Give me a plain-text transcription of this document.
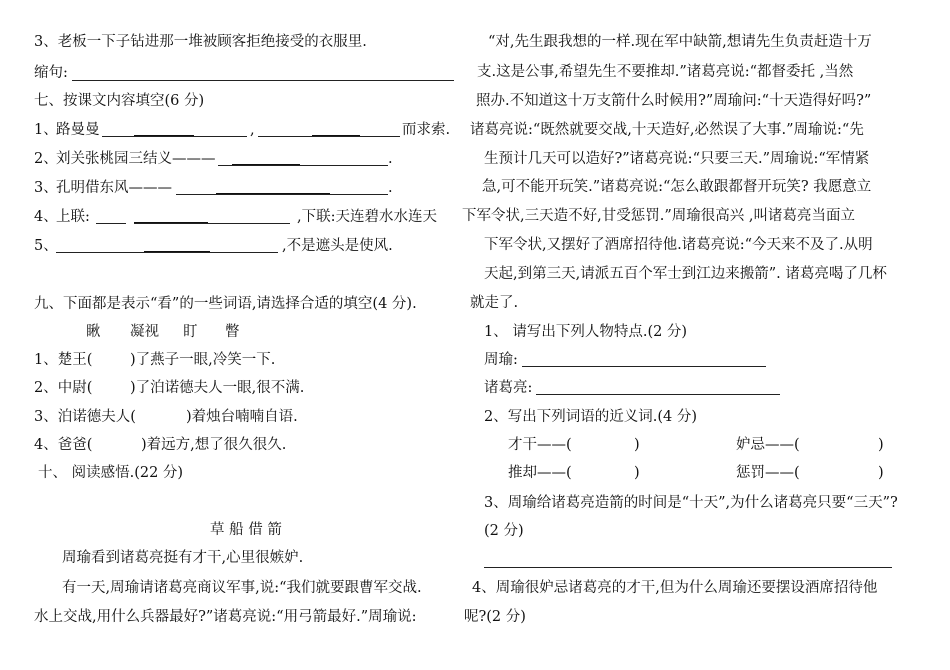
3、老板一下子钻进那一堆被顾客拒绝接受的衣服里.
缩句:
七、按课文内容填空(6 分)
1、
路曼曼	,	而求索.
2、
刘关张桃园三结义———	.
3、
孔明借东风———	.
4、
上联:	,下联:天连碧水水连天
5、	,不是遮头是使风.
九、下面都是表示“看”的一些词语,请选择合适的填空(4 分).
瞅 凝视 盯 瞥
1、楚王(	)了燕子一眼,冷笑一下.
2、中尉(	)了泊诺德夫人一眼,很不满.
3、泊诺德夫人(	)着烛台喃喃自语.
4、爸爸(	)着远方,想了很久很久.
十、 阅读感悟.(22 分)
草 船 借 箭
周瑜看到诸葛亮挺有才干,心里很嫉妒.
有一天,周瑜请诸葛亮商议军事,说:“我们就要跟曹军交战.
水上交战,用什么兵器最好?”诸葛亮说:“用弓箭最好.”周瑜说:
“对,先生跟我想的一样.现在军中缺箭,想请先生负责赶造十万
支.这是公事,希望先生不要推却.”诸葛亮说:“都督委托 ,当然
照办.不知道这十万支箭什么时候用?”周瑜问:“十天造得好吗?”
诸葛亮说:“既然就要交战,十天造好,必然误了大事.”周瑜说:“先
生预计几天可以造好?”诸葛亮说:“只要三天.”周瑜说:“军情紧
急,可不能开玩笑.”诸葛亮说:“怎么敢跟都督开玩笑? 我愿意立
下军令状,三天造不好,甘受惩罚.”周瑜很高兴 ,叫诸葛亮当面立
下军令状,又摆好了酒席招待他.诸葛亮说:“今天来不及了.从明
天起,到第三天,请派五百个军士到江边来搬箭”. 诸葛亮喝了几杯
就走了.
1、 请写出下列人物特点.(2 分)
周瑜:
诸葛亮:
2、写出下列词语的近义词.(4 分)
才干——(	)	妒忌——(	)
推却——(	)	惩罚——(	)
3、周瑜给诸葛亮造箭的时间是“十天”,为什么诸葛亮只要“三天”?
(2 分)
4、周瑜很妒忌诸葛亮的才干,但为什么周瑜还要摆设酒席招待他
呢?(2 分)
